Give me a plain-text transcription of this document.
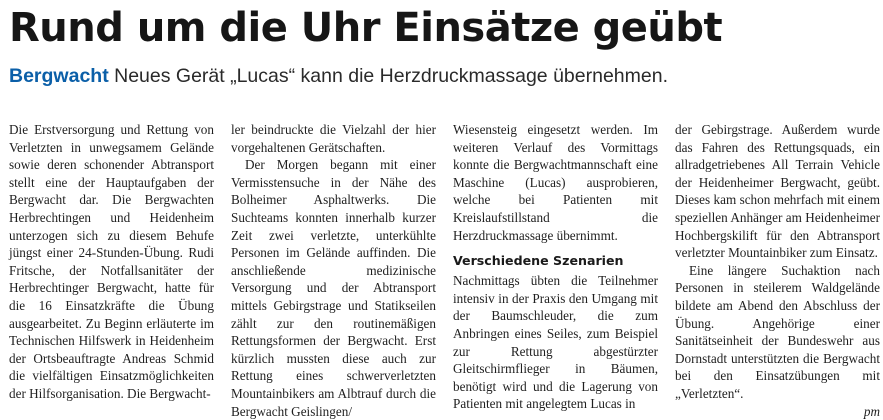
Rund um die Uhr Einsätze geübt

Bergwacht Neues Gerät „Lucas“ kann die Herzdruckmassage übernehmen.

Die Erstversorgung und Rettung von Verletzten in unwegsamem Gelände sowie deren schonender Abtransport stellt eine der Hauptaufgaben der Bergwacht dar. Die Bergwachten Herbrechtingen und Heidenheim unterzogen sich zu diesem Behufe jüngst einer 24-Stunden-Übung. Rudi Fritsche, der Notfallsanitäter der Herbrechtinger Bergwacht, hatte für die 16 Einsatzkräfte die Übung ausgearbeitet. Zu Beginn erläuterte im Technischen Hilfswerk in Heidenheim der Ortsbeauftragte Andreas Schmid die vielfältigen Einsatzmöglichkeiten der Hilfsorganisation. Die Bergwacht-

ler beindruckte die Vielzahl der hier vorgehaltenen Gerätschaften.

Der Morgen begann mit einer Vermisstensuche in der Nähe des Bolheimer Asphaltwerks. Die Suchteams konnten innerhalb kurzer Zeit zwei verletzte, unterkühlte Personen im Gelände auffinden. Die anschließende medizinische Versorgung und der Abtransport mittels Gebirgstrage und Statikseilen zählt zur den routinemäßigen Rettungsformen der Bergwacht. Erst kürzlich mussten diese auch zur Rettung eines schwerverletzten Mountainbikers am Albtrauf durch die Bergwacht Geislingen/

Wiesensteig eingesetzt werden. Im weiteren Verlauf des Vormittags konnte die Bergwachtmannschaft eine Maschine (Lucas) ausprobieren, welche bei Patienten mit Kreislaufstillstand die Herzdruckmassage übernimmt.

Verschiedene Szenarien

Nachmittags übten die Teilnehmer intensiv in der Praxis den Umgang mit der Baumschleuder, die zum Anbringen eines Seiles, zum Beispiel zur Rettung abgestürzter Gleitschirmflieger in Bäumen, benötigt wird und die Lagerung von Patienten mit angelegtem Lucas in

der Gebirgstrage. Außerdem wurde das Fahren des Rettungsquads, ein allradgetriebenes All Terrain Vehicle der Heidenheimer Bergwacht, geübt. Dieses kam schon mehrfach mit einem speziellen Anhänger am Heidenheimer Hochbergskilift für den Abtransport verletzter Mountainbiker zum Einsatz.

Eine längere Suchaktion nach Personen in steilerem Waldgelände bildete am Abend den Abschluss der Übung. Angehörige einer Sanitätseinheit der Bundeswehr aus Dornstadt unterstützten die Bergwacht bei den Einsatzübungen mit „Verletzten“.

pm
